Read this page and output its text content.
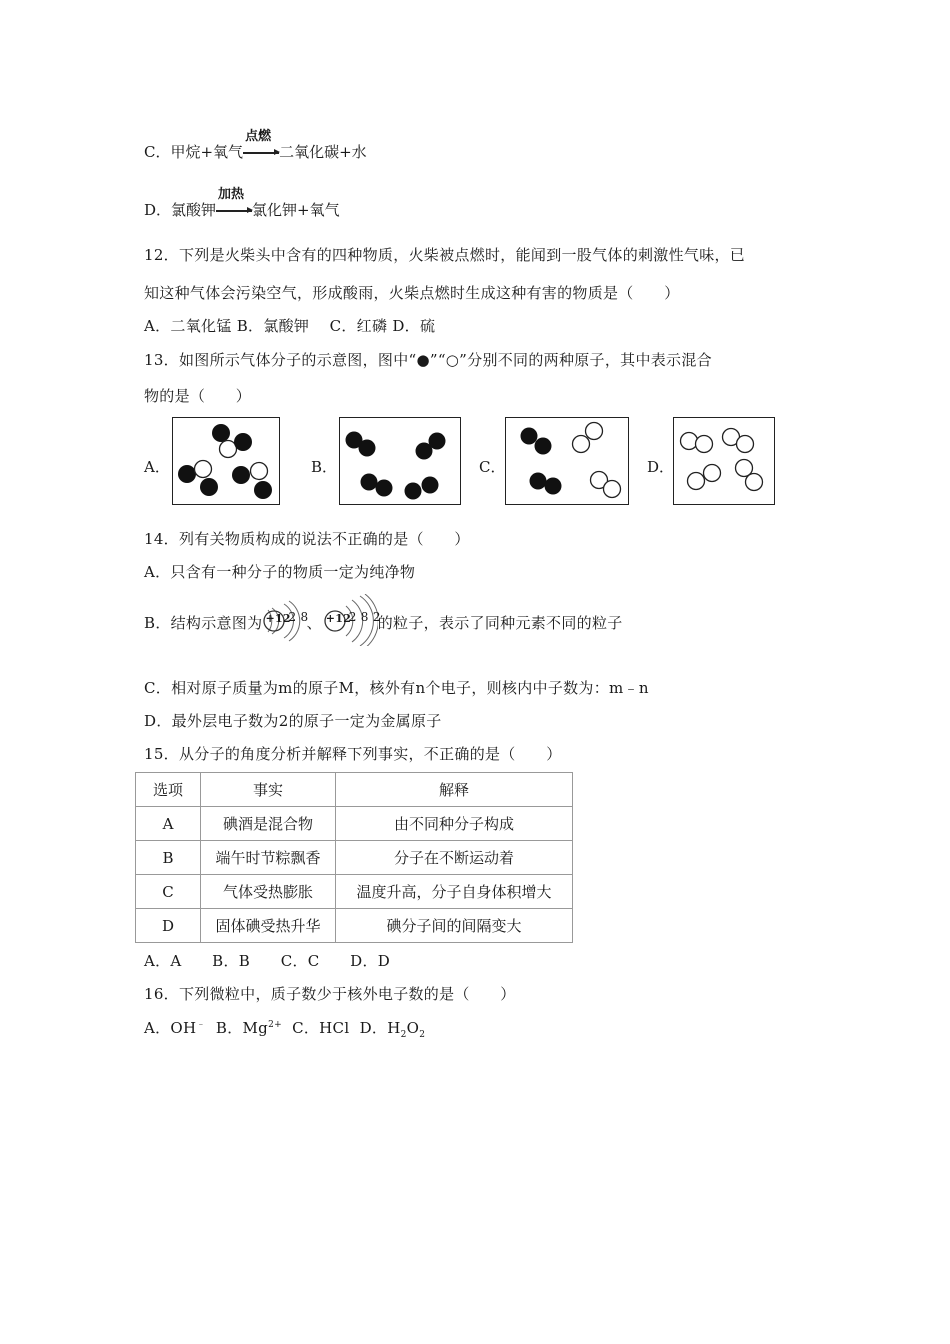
C．甲烷+氧气
点燃
二氧化碳+水
D．氯酸钾
加热
氯化钾+氧气
12．下列是火柴头中含有的四种物质，火柴被点燃时，能闻到一股气体的刺激性气味，已
知这种气体会污染空气，形成酸雨，火柴点燃时生成这种有害的物质是（　　）
A．二氧化锰 B．氯酸钾　 C．红磷 D．硫
13．如图所示气体分子的示意图，图中“●”“○”分别不同的两种原子，其中表示混合
物的是（　　）
A．	B．	C．	D．
14．列有关物质构成的说法不正确的是（　　）
A．只含有一种分子的物质一定为纯净物
B．结构示意图为 +12
2 8
、 +12
2 8 2
的粒子，表示了同种元素不同的粒子
C．相对原子质量为m的原子M，核外有n个电子，则核内中子数为：m﹣n
D．最外层电子数为2的原子一定为金属原子
15．从分子的角度分析并解释下列事实，不正确的是（　　）
选项	事实	解释
A	碘酒是混合物	由不同种分子构成
B	端午时节粽飘香	分子在不断运动着
C	气体受热膨胀	温度升高，分子自身体积增大
D	固体碘受热升华	碘分子间的间隔变大
A．A　　B．B　　C．C　　D．D
16．下列微粒中，质子数少于核外电子数的是（　　）
A．OH﹣ B．$Mg^{2+}$ C．HCl D．$H_2O_2$
